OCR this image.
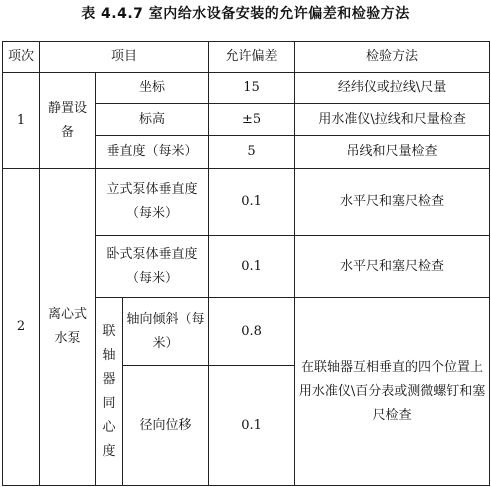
表 4.4.7 室内给水设备安装的允许偏差和检验方法
项次	项目			允许偏差	检验方法
1	静置设备	坐标		15	经纬仪或拉线\尺量
		标高		±5	用水准仪\拉线和尺量检查
		垂直度（每米）		5	吊线和尺量检查
2	离心式水泵	立式泵体垂直度（每米）		0.1	水平尺和塞尺检查
		卧式泵体垂直度（每米）		0.1	水平尺和塞尺检查
		联轴器同心度	轴向倾斜（每米）	0.8	在联轴器互相垂直的四个位置上用水准仪\百分表或测微螺钉和塞尺检查
			径向位移	0.1	
